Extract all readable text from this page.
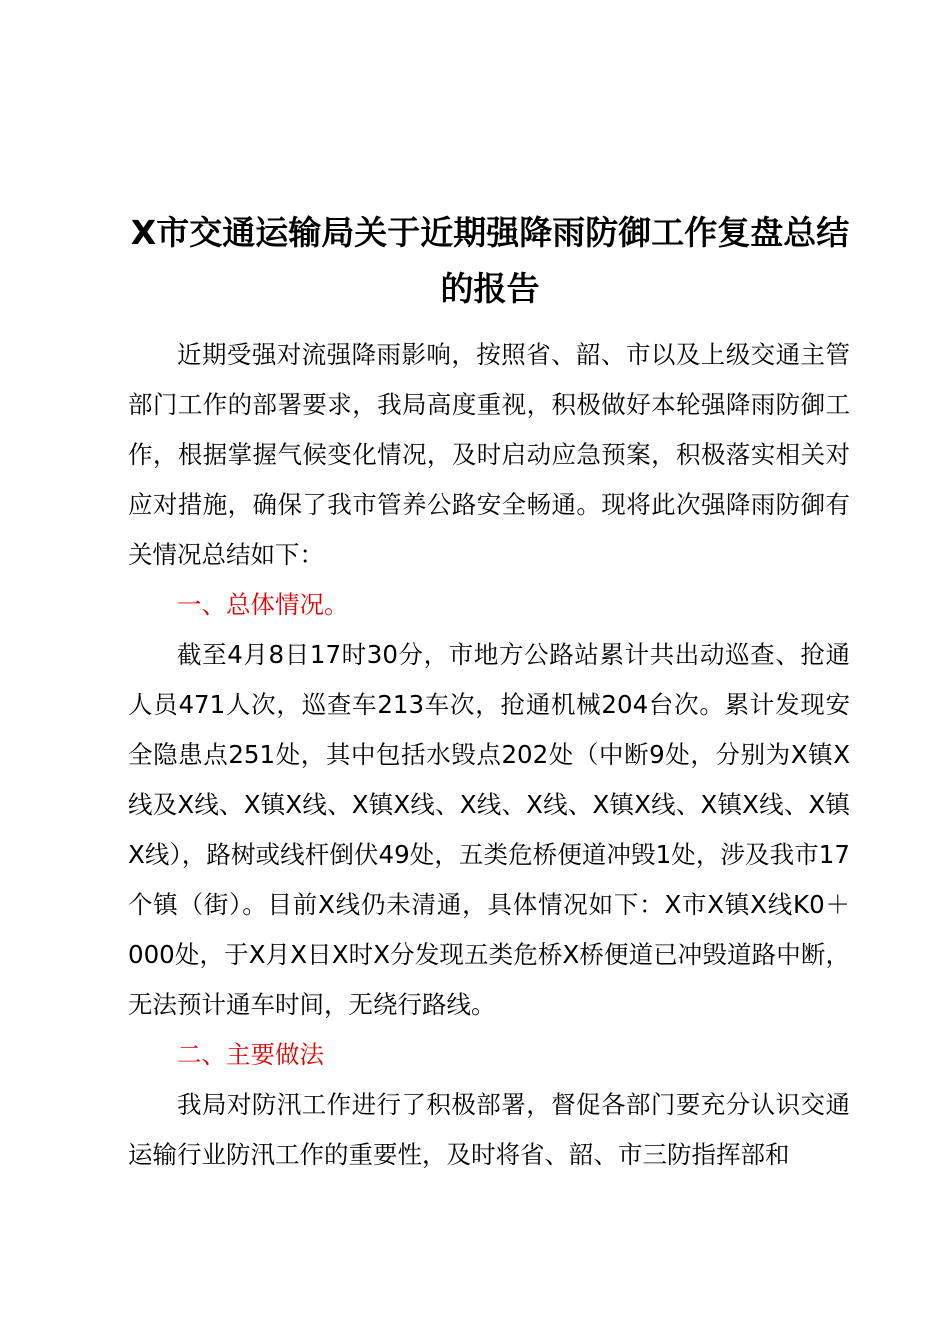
X市交通运输局关于近期强降雨防御工作复盘总结的报告

近期受强对流强降雨影响，按照省、韶、市以及上级交通主管部门工作的部署要求，我局高度重视，积极做好本轮强降雨防御工作，根据掌握气候变化情况，及时启动应急预案，积极落实相关对应对措施，确保了我市管养公路安全畅通。现将此次强降雨防御有关情况总结如下：

一、总体情况。

截至4月8日17时30分，市地方公路站累计共出动巡查、抢通人员471人次，巡查车213车次，抢通机械204台次。累计发现安全隐患点251处，其中包括水毁点202处（中断9处，分别为X镇X线及X线、X镇X线、X镇X线、X线、X线、X镇X线、X镇X线、X镇X线），路树或线杆倒伏49处，五类危桥便道冲毁1处，涉及我市17个镇（街）。目前X线仍未清通，具体情况如下：X市X镇X线K0＋000处，于X月X日X时X分发现五类危桥X桥便道已冲毁道路中断，无法预计通车时间，无绕行路线。

二、主要做法

我局对防汛工作进行了积极部署，督促各部门要充分认识交通运输行业防汛工作的重要性，及时将省、韶、市三防指挥部和
